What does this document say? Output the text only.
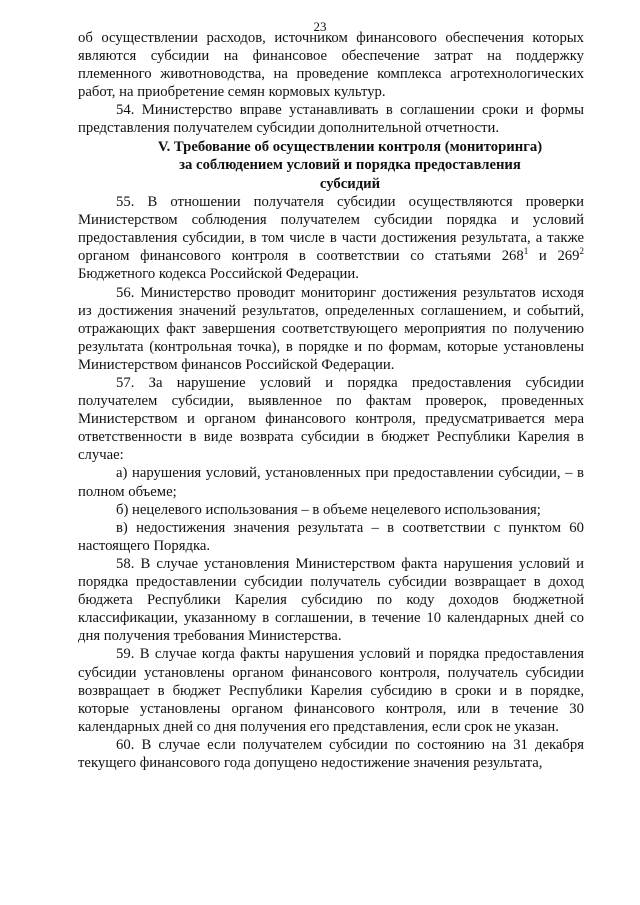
23

об осуществлении расходов, источником финансового обеспечения которых являются субсидии на финансовое обеспечение затрат на поддержку племенного животноводства, на проведение комплекса агротехнологических работ, на приобретение семян кормовых культур.

54. Министерство вправе устанавливать в соглашении сроки и формы представления получателем субсидии дополнительной отчетности.

V. Требование об осуществлении контроля (мониторинга)
за соблюдением условий и порядка предоставления
субсидий

55. В отношении получателя субсидии осуществляются проверки Министерством соблюдения получателем субсидии порядка и условий предоставления субсидии, в том числе в части достижения результата, а также органом финансового контроля в соответствии со статьями $268^1$ и $269^2$ Бюджетного кодекса Российской Федерации.

56. Министерство проводит мониторинг достижения результатов исходя из достижения значений результатов, определенных соглашением, и событий, отражающих факт завершения соответствующего мероприятия по получению результата (контрольная точка), в порядке и по формам, которые установлены Министерством финансов Российской Федерации.

57. За нарушение условий и порядка предоставления субсидии получателем субсидии, выявленное по фактам проверок, проведенных Министерством и органом финансового контроля, предусматривается мера ответственности в виде возврата субсидии в бюджет Республики Карелия в случае:

а) нарушения условий, установленных при предоставлении субсидии, – в полном объеме;

б) нецелевого использования – в объеме нецелевого использования;

в) недостижения значения результата – в соответствии с пунктом 60 настоящего Порядка.

58. В случае установления Министерством факта нарушения условий и порядка предоставлении субсидии получатель субсидии возвращает в доход бюджета Республики Карелия субсидию по коду доходов бюджетной классификации, указанному в соглашении, в течение 10 календарных дней со дня получения требования Министерства.

59. В случае когда факты нарушения условий и порядка предоставления субсидии установлены органом финансового контроля, получатель субсидии возвращает в бюджет Республики Карелия субсидию в сроки и в порядке, которые установлены органом финансового контроля, или в течение 30 календарных дней со дня получения его представления, если срок не указан.

60. В случае если получателем субсидии по состоянию на 31 декабря текущего финансового года допущено недостижение значения результата,
